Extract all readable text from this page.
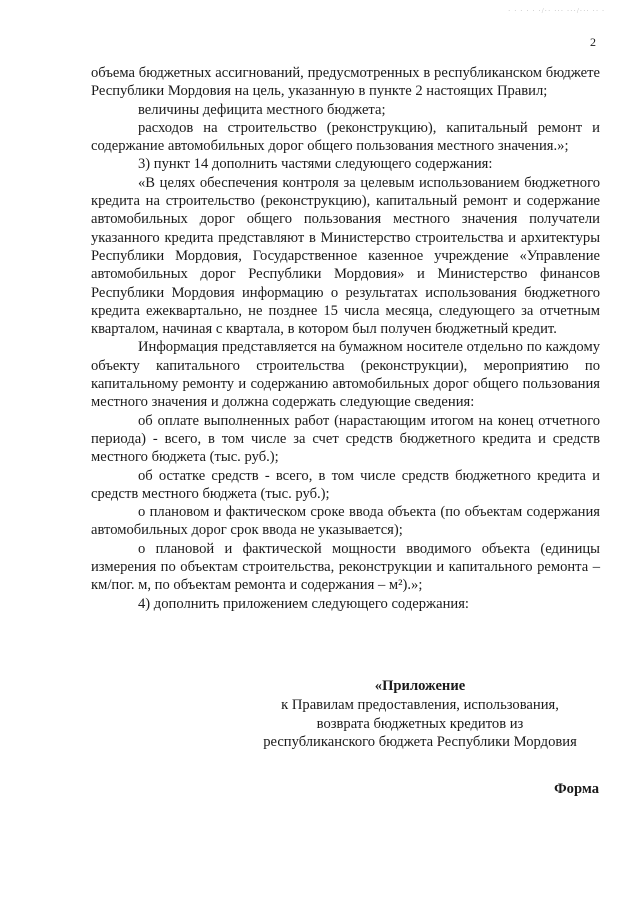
· · · · · ·/·· ··· ···/··· ·· ·
2

объема бюджетных ассигнований, предусмотренных в республиканском бюджете Республики Мордовия на цель, указанную в пункте 2 настоящих Правил;

величины дефицита местного бюджета;

расходов на строительство (реконструкцию), капитальный ремонт и содержание автомобильных дорог общего пользования местного значения.»;

3) пункт 14 дополнить частями следующего содержания:

«В целях обеспечения контроля за целевым использованием бюджетного кредита на строительство (реконструкцию), капитальный ремонт и содержание автомобильных дорог общего пользования местного значения получатели указанного кредита представляют в Министерство строительства и архитектуры Республики Мордовия, Государственное казенное учреждение «Управление автомобильных дорог Республики Мордовия» и Министерство финансов Республики Мордовия информацию о результатах использования бюджетного кредита ежеквартально, не позднее 15 числа месяца, следующего за отчетным кварталом, начиная с квартала, в котором был получен бюджетный кредит.

Информация представляется на бумажном носителе отдельно по каждому объекту капитального строительства (реконструкции), мероприятию по капитальному ремонту и содержанию автомобильных дорог общего пользования местного значения и должна содержать следующие сведения:

об оплате выполненных работ (нарастающим итогом на конец отчетного периода) - всего, в том числе за счет средств бюджетного кредита и средств местного бюджета (тыс. руб.);

об остатке средств - всего, в том числе средств бюджетного кредита и средств местного бюджета (тыс. руб.);

о плановом и фактическом сроке ввода объекта (по объектам содержания автомобильных дорог срок ввода не указывается);

о плановой и фактической мощности вводимого объекта (единицы измерения по объектам строительства, реконструкции и капитального ремонта – км/пог. м, по объектам ремонта и содержания – м²).»;

4) дополнить приложением следующего содержания:

«Приложение
к Правилам предоставления, использования,
возврата бюджетных кредитов из
республиканского бюджета Республики Мордовия
Форма
